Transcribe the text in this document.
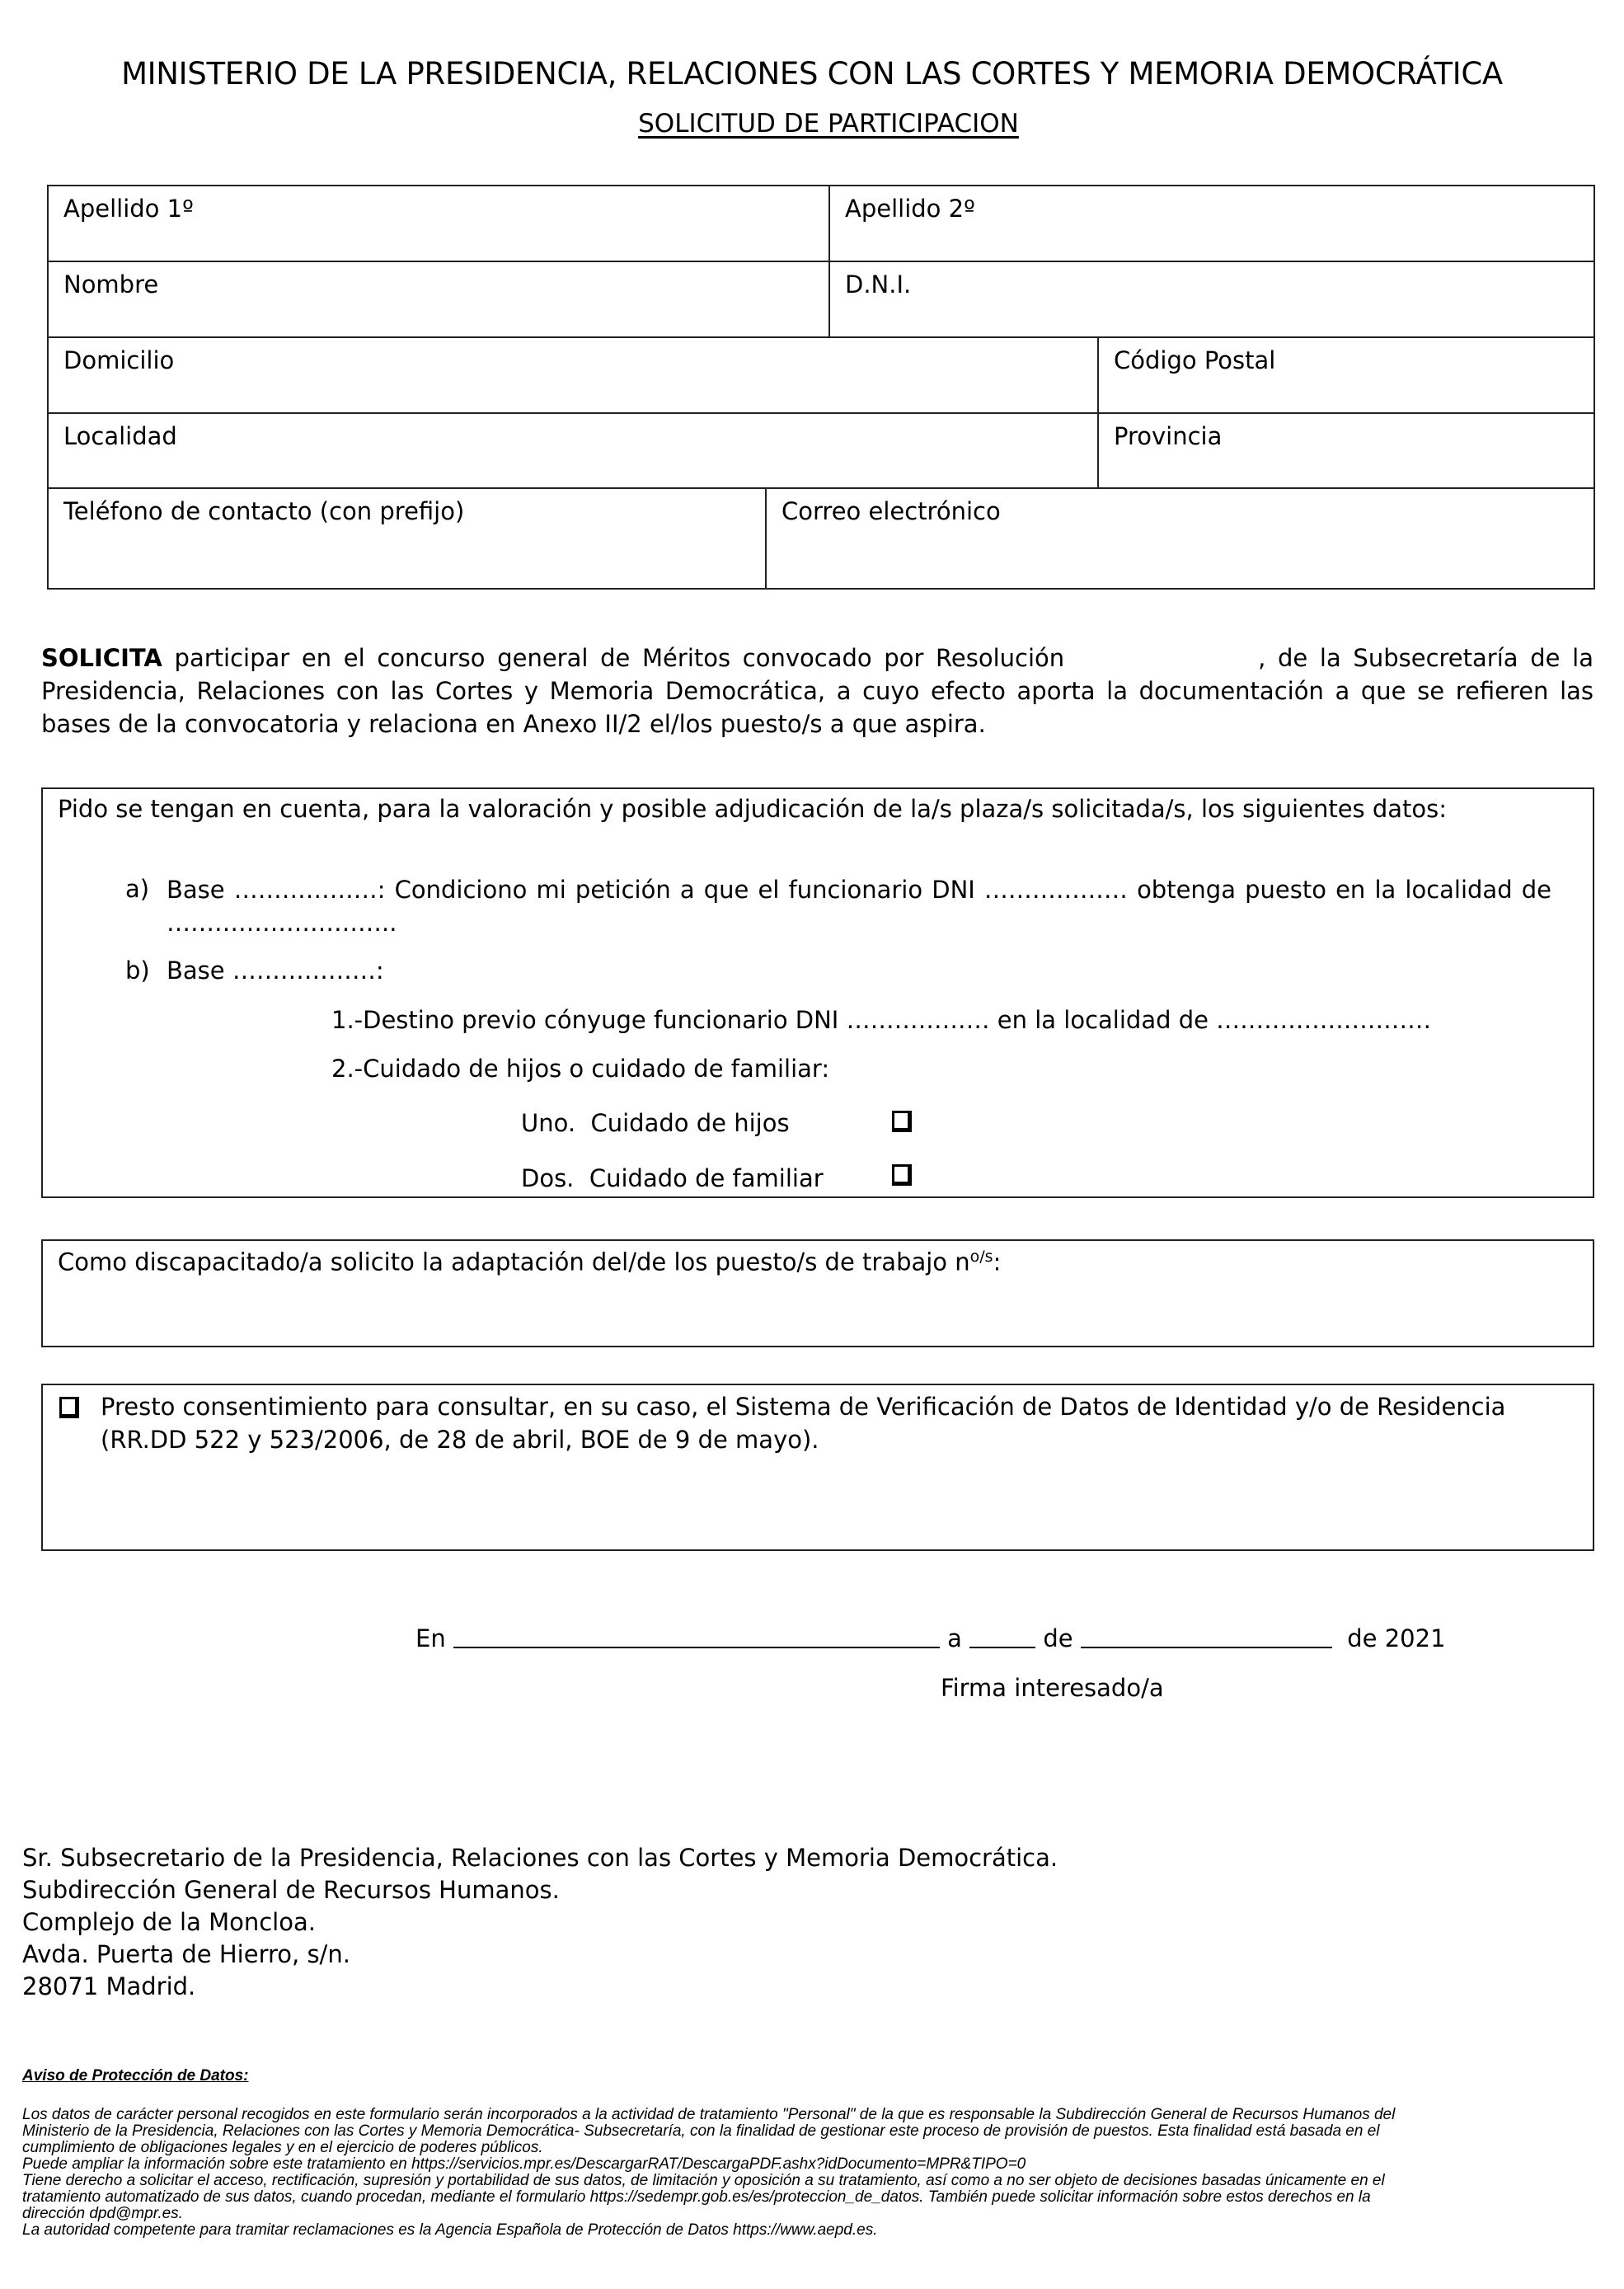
MINISTERIO DE LA PRESIDENCIA, RELACIONES CON LAS CORTES Y MEMORIA DEMOCRÁTICA
SOLICITUD DE PARTICIPACION
Apellido 1º	Apellido 2º
Nombre	D.N.I.
Domicilio	Código Postal
Localidad	Provincia
Teléfono de contacto (con prefijo)	Correo electrónico
SOLICITA participar en el concurso general de Méritos convocado por Resolución                , de la Subsecretaría de la Presidencia, Relaciones con las Cortes y Memoria Democrática, a cuyo efecto aporta la documentación a que se refieren las bases de la convocatoria y relaciona en Anexo II/2 el/los puesto/s a que aspira.
Pido se tengan en cuenta, para la valoración y posible adjudicación de la/s plaza/s solicitada/s, los siguientes datos:
a) Base ………………: Condiciono mi petición a que el funcionario DNI ……………… obtenga puesto en la localidad de ………………………..
b) Base ………………:
1.-Destino previo cónyuge funcionario DNI ……………… en la localidad de ………………………
2.-Cuidado de hijos o cuidado de familiar:
Uno. Cuidado de hijos
Dos. Cuidado de familiar
Como discapacitado/a solicito la adaptación del/de los puesto/s de trabajo $n^{o/s}$:
Presto consentimiento para consultar, en su caso, el Sistema de Verificación de Datos de Identidad y/o de Residencia (RR.DD 522 y 523/2006, de 28 de abril, BOE de 9 de mayo).
En	a	de	de 2021
Firma interesado/a
Sr. Subsecretario de la Presidencia, Relaciones con las Cortes y Memoria Democrática.
Subdirección General de Recursos Humanos.
Complejo de la Moncloa.
Avda. Puerta de Hierro, s/n.
28071 Madrid.
Aviso de Protección de Datos:
Los datos de carácter personal recogidos en este formulario serán incorporados a la actividad de tratamiento "Personal" de la que es responsable la Subdirección General de Recursos Humanos del
Ministerio de la Presidencia, Relaciones con las Cortes y Memoria Democrática- Subsecretaría, con la finalidad de gestionar este proceso de provisión de puestos. Esta finalidad está basada en el
cumplimiento de obligaciones legales y en el ejercicio de poderes públicos.
Puede ampliar la información sobre este tratamiento en https://servicios.mpr.es/DescargarRAT/DescargaPDF.ashx?idDocumento=MPR&TIPO=0
Tiene derecho a solicitar el acceso, rectificación, supresión y portabilidad de sus datos, de limitación y oposición a su tratamiento, así como a no ser objeto de decisiones basadas únicamente en el
tratamiento automatizado de sus datos, cuando procedan, mediante el formulario https://sedempr.gob.es/es/proteccion_de_datos. También puede solicitar información sobre estos derechos en la
dirección dpd@mpr.es.
La autoridad competente para tramitar reclamaciones es la Agencia Española de Protección de Datos https://www.aepd.es.
